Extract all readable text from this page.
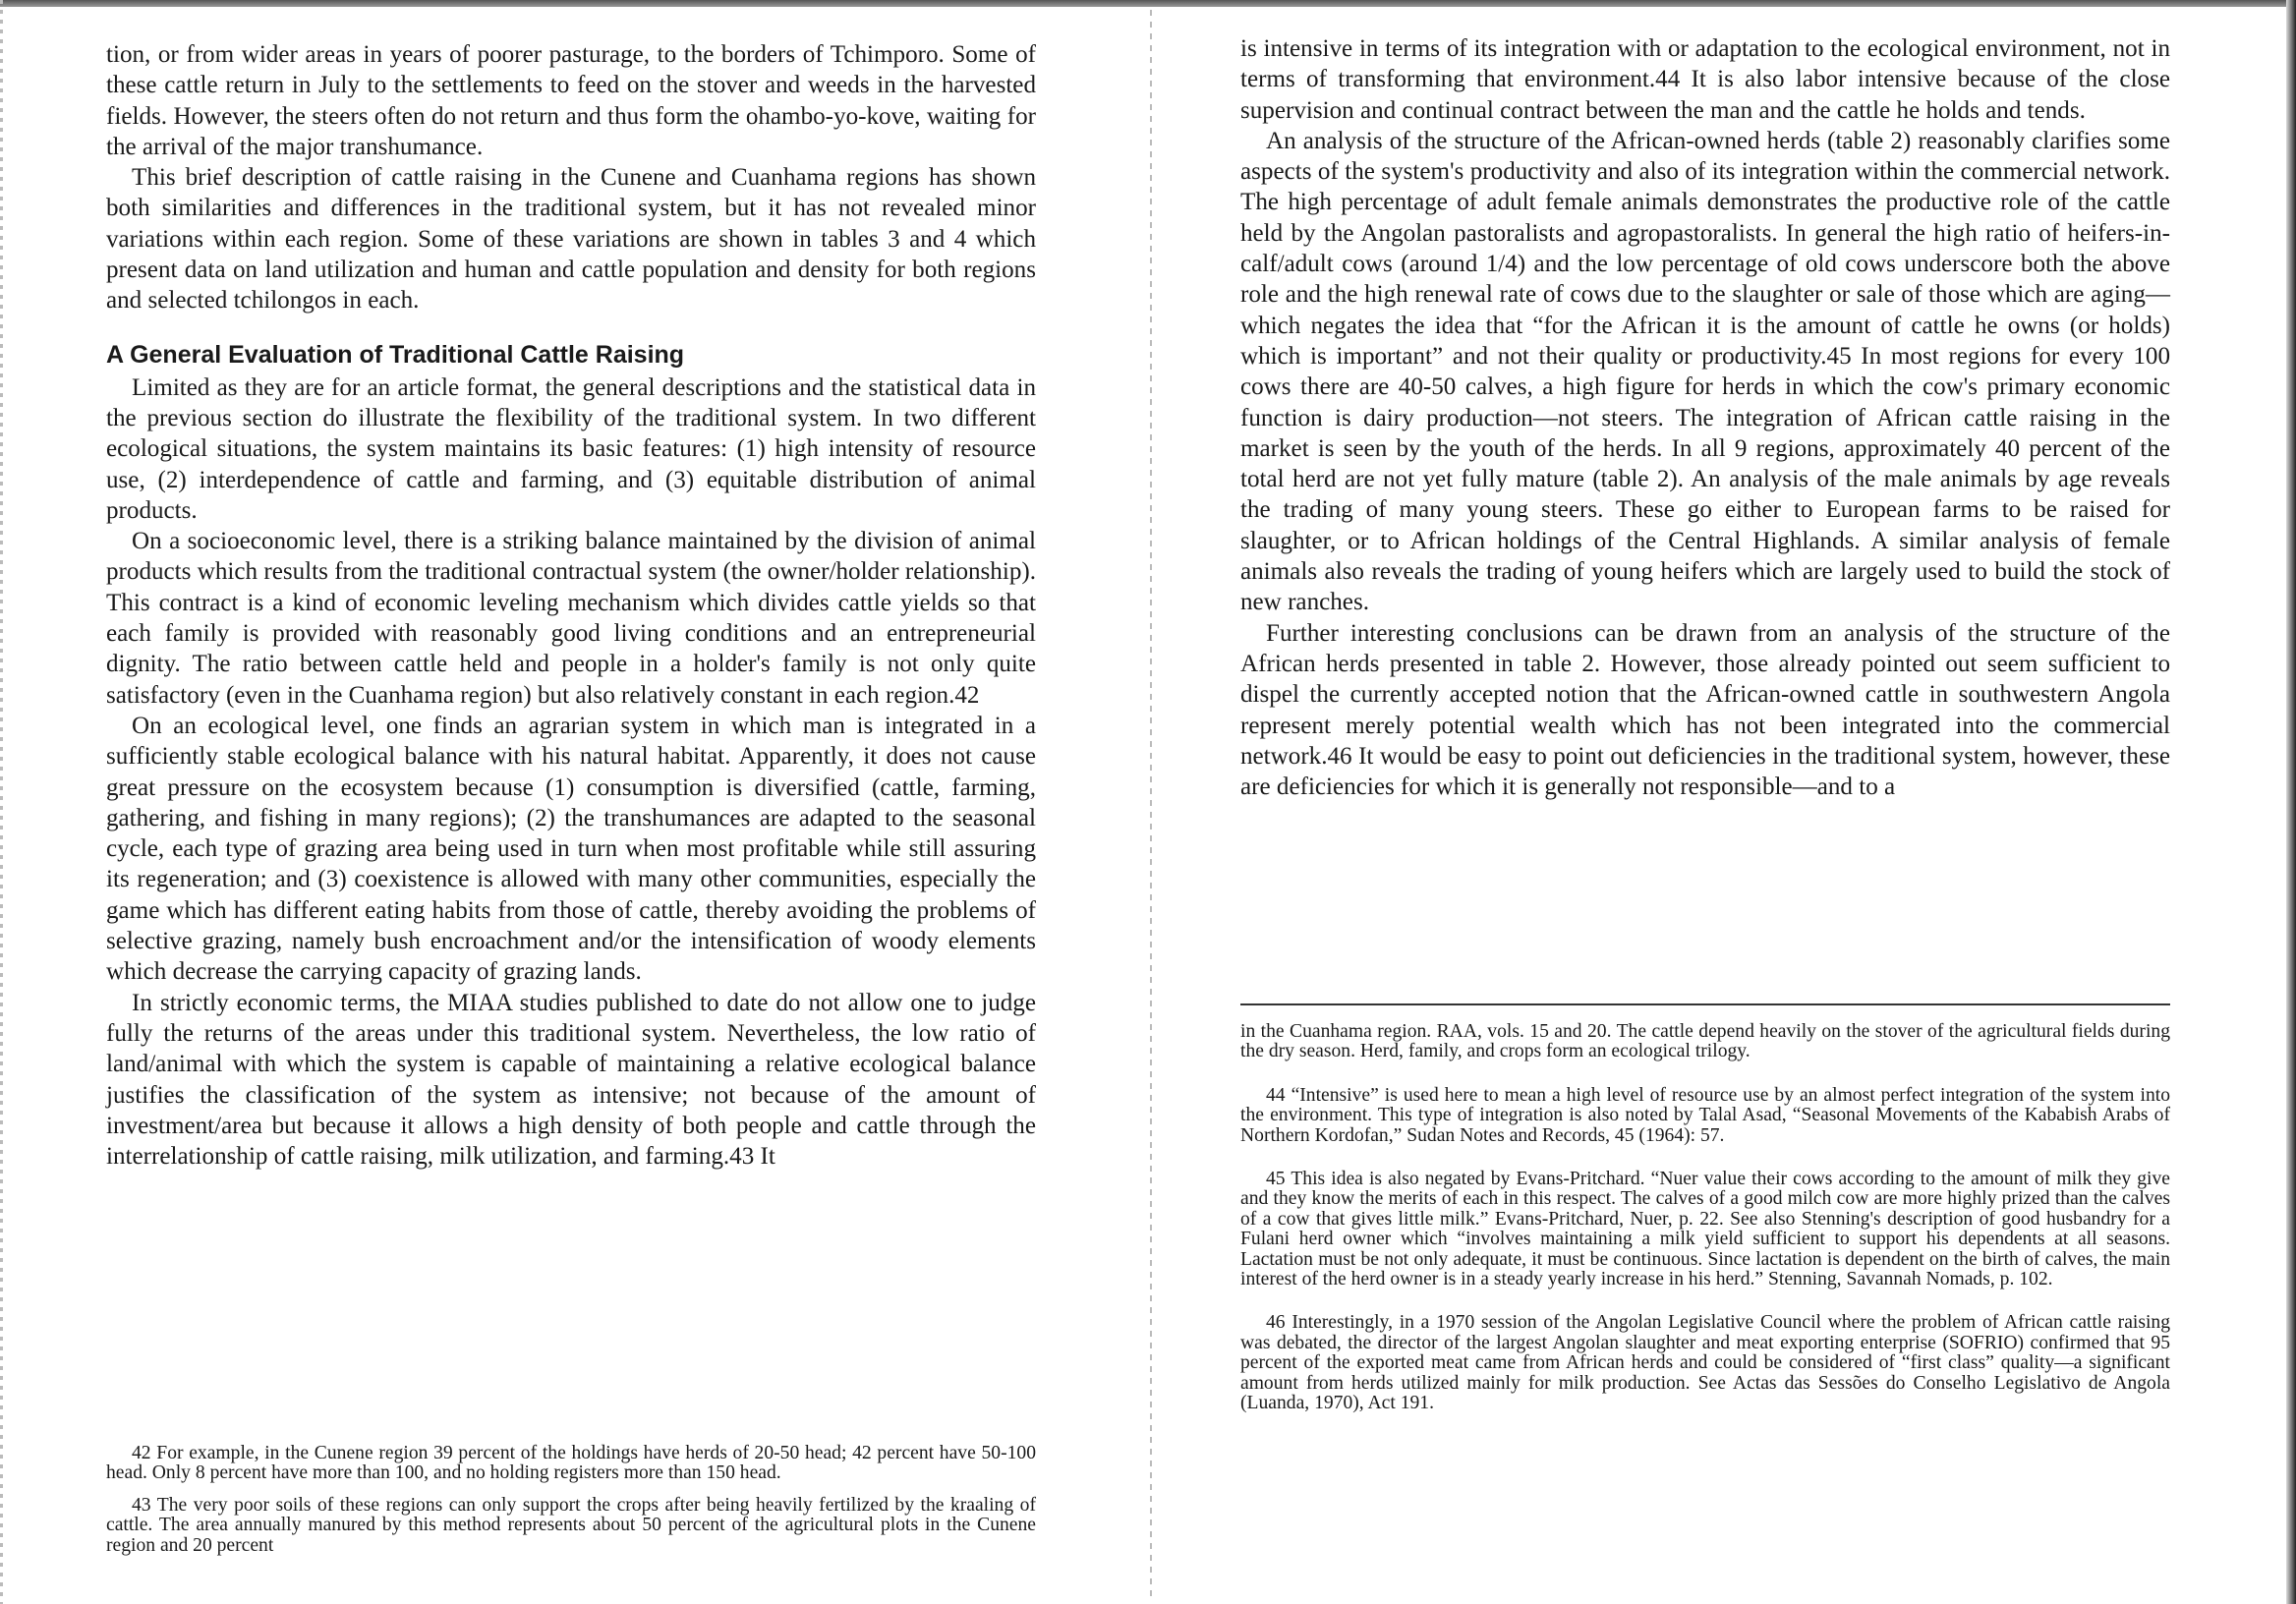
tion, or from wider areas in years of poorer pasturage, to the borders of Tchimporo. Some of these cattle return in July to the settlements to feed on the stover and weeds in the harvested fields. However, the steers often do not return and thus form the ohambo-yo-kove, waiting for the arrival of the major transhumance.

This brief description of cattle raising in the Cunene and Cuanhama regions has shown both similarities and differences in the traditional system, but it has not revealed minor variations within each region. Some of these variations are shown in tables 3 and 4 which present data on land utilization and human and cattle population and density for both regions and selected tchilongos in each.

A General Evaluation of Traditional Cattle Raising

Limited as they are for an article format, the general descriptions and the statistical data in the previous section do illustrate the flexibility of the traditional system. In two different ecological situations, the system maintains its basic features: (1) high intensity of resource use, (2) interdependence of cattle and farming, and (3) equitable distribution of animal products.

On a socioeconomic level, there is a striking balance maintained by the division of animal products which results from the traditional contractual system (the owner/holder relationship). This contract is a kind of economic leveling mechanism which divides cattle yields so that each family is provided with reasonably good living conditions and an entrepreneurial dignity. The ratio between cattle held and people in a holder's family is not only quite satisfactory (even in the Cuanhama region) but also relatively constant in each region.42

On an ecological level, one finds an agrarian system in which man is integrated in a sufficiently stable ecological balance with his natural habitat. Apparently, it does not cause great pressure on the ecosystem because (1) consumption is diversified (cattle, farming, gathering, and fishing in many regions); (2) the transhumances are adapted to the seasonal cycle, each type of grazing area being used in turn when most profitable while still assuring its regeneration; and (3) coexistence is allowed with many other communities, especially the game which has different eating habits from those of cattle, thereby avoiding the problems of selective grazing, namely bush encroachment and/or the intensification of woody elements which decrease the carrying capacity of grazing lands.

In strictly economic terms, the MIAA studies published to date do not allow one to judge fully the returns of the areas under this traditional system. Nevertheless, the low ratio of land/animal with which the system is capable of maintaining a relative ecological balance justifies the classification of the system as intensive; not because of the amount of investment/area but because it allows a high density of both people and cattle through the interrelationship of cattle raising, milk utilization, and farming.43 It

42 For example, in the Cunene region 39 percent of the holdings have herds of 20-50 head; 42 percent have 50-100 head. Only 8 percent have more than 100, and no holding registers more than 150 head.

43 The very poor soils of these regions can only support the crops after being heavily fertilized by the kraaling of cattle. The area annually manured by this method represents about 50 percent of the agricultural plots in the Cunene region and 20 percent

is intensive in terms of its integration with or adaptation to the ecological environment, not in terms of transforming that environment.44 It is also labor intensive because of the close supervision and continual contract between the man and the cattle he holds and tends.

An analysis of the structure of the African-owned herds (table 2) reasonably clarifies some aspects of the system's productivity and also of its integration within the commercial network. The high percentage of adult female animals demonstrates the productive role of the cattle held by the Angolan pastoralists and agropastoralists. In general the high ratio of heifers-in-calf/adult cows (around 1/4) and the low percentage of old cows underscore both the above role and the high renewal rate of cows due to the slaughter or sale of those which are aging—which negates the idea that “for the African it is the amount of cattle he owns (or holds) which is important” and not their quality or productivity.45 In most regions for every 100 cows there are 40-50 calves, a high figure for herds in which the cow's primary economic function is dairy production—not steers. The integration of African cattle raising in the market is seen by the youth of the herds. In all 9 regions, approximately 40 percent of the total herd are not yet fully mature (table 2). An analysis of the male animals by age reveals the trading of many young steers. These go either to European farms to be raised for slaughter, or to African holdings of the Central Highlands. A similar analysis of female animals also reveals the trading of young heifers which are largely used to build the stock of new ranches.

Further interesting conclusions can be drawn from an analysis of the structure of the African herds presented in table 2. However, those already pointed out seem sufficient to dispel the currently accepted notion that the African-owned cattle in southwestern Angola represent merely potential wealth which has not been integrated into the commercial network.46 It would be easy to point out deficiencies in the traditional system, however, these are deficiencies for which it is generally not responsible—and to a

in the Cuanhama region. RAA, vols. 15 and 20. The cattle depend heavily on the stover of the agricultural fields during the dry season. Herd, family, and crops form an ecological trilogy.

44 “Intensive” is used here to mean a high level of resource use by an almost perfect integration of the system into the environment. This type of integration is also noted by Talal Asad, “Seasonal Movements of the Kababish Arabs of Northern Kordofan,” Sudan Notes and Records, 45 (1964): 57.

45 This idea is also negated by Evans-Pritchard. “Nuer value their cows according to the amount of milk they give and they know the merits of each in this respect. The calves of a good milch cow are more highly prized than the calves of a cow that gives little milk.” Evans-Pritchard, Nuer, p. 22. See also Stenning's description of good husbandry for a Fulani herd owner which “involves maintaining a milk yield sufficient to support his dependents at all seasons. Lactation must be not only adequate, it must be continuous. Since lactation is dependent on the birth of calves, the main interest of the herd owner is in a steady yearly increase in his herd.” Stenning, Savannah Nomads, p. 102.

46 Interestingly, in a 1970 session of the Angolan Legislative Council where the problem of African cattle raising was debated, the director of the largest Angolan slaughter and meat exporting enterprise (SOFRIO) confirmed that 95 percent of the exported meat came from African herds and could be considered of “first class” quality—a significant amount from herds utilized mainly for milk production. See Actas das Sessões do Conselho Legislativo de Angola (Luanda, 1970), Act 191.
